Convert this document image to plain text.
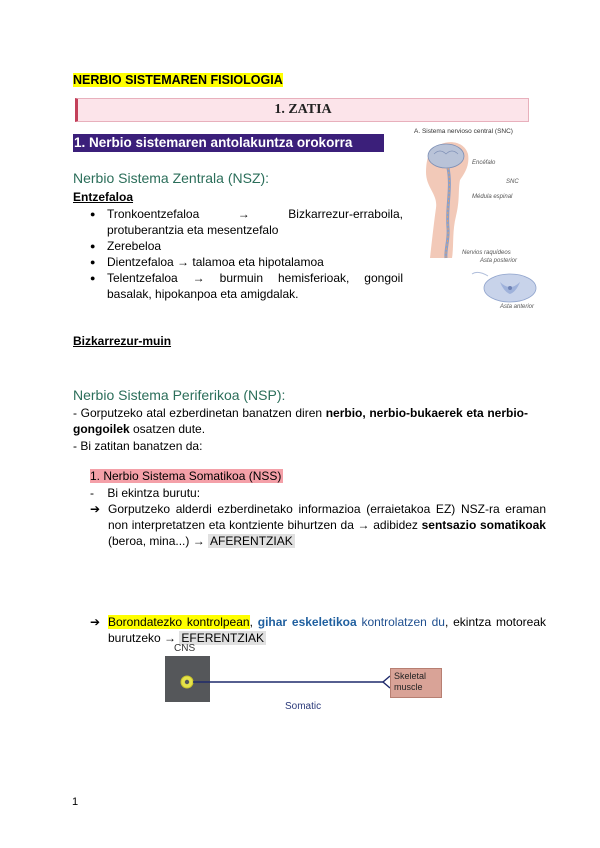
NERBIO SISTEMAREN FISIOLOGIA
1. ZATIA
1. Nerbio sistemaren antolakuntza orokorra
A. Sistema nervioso central (SNC)
Encéfalo
SNC
Médula espinal
Nervios raquídeos
Asta posterior
Asta anterior
Nerbio Sistema Zentrala (NSZ):
Entzefaloa
● Tronkoentzefaloa	→	Bizkarrezur-erraboila,
protuberantzia eta mesentzefalo
● Zerebeloa
● Dientzefaloa → talamoa eta hipotalamoa
● Telentzefaloa → burmuin hemisferioak, gongoil
basalak, hipokanpoa eta amigdalak.
Bizkarrezur-muin
Nerbio Sistema Periferikoa (NSP):
- Gorputzeko atal ezberdinetan banatzen diren nerbio, nerbio-bukaerek eta nerbio-gongoilek osatzen dute.
- Bi zatitan banatzen da:
1. Nerbio Sistema Somatikoa (NSS)
-    Bi ekintza burutu:
➔ Gorputzeko alderdi ezberdinetako informazioa (erraietakoa EZ) NSZ-ra eraman non interpretatzen eta kontziente bihurtzen da → adibidez sentsazio somatikoak (beroa, mina...) → AFERENTZIAK
➔ Borondatezko kontrolpean, gihar eskeletikoa kontrolatzen du, ekintza motoreak burutzeko → EFERENTZIAK
CNS
Skeletal
muscle
Somatic
1
